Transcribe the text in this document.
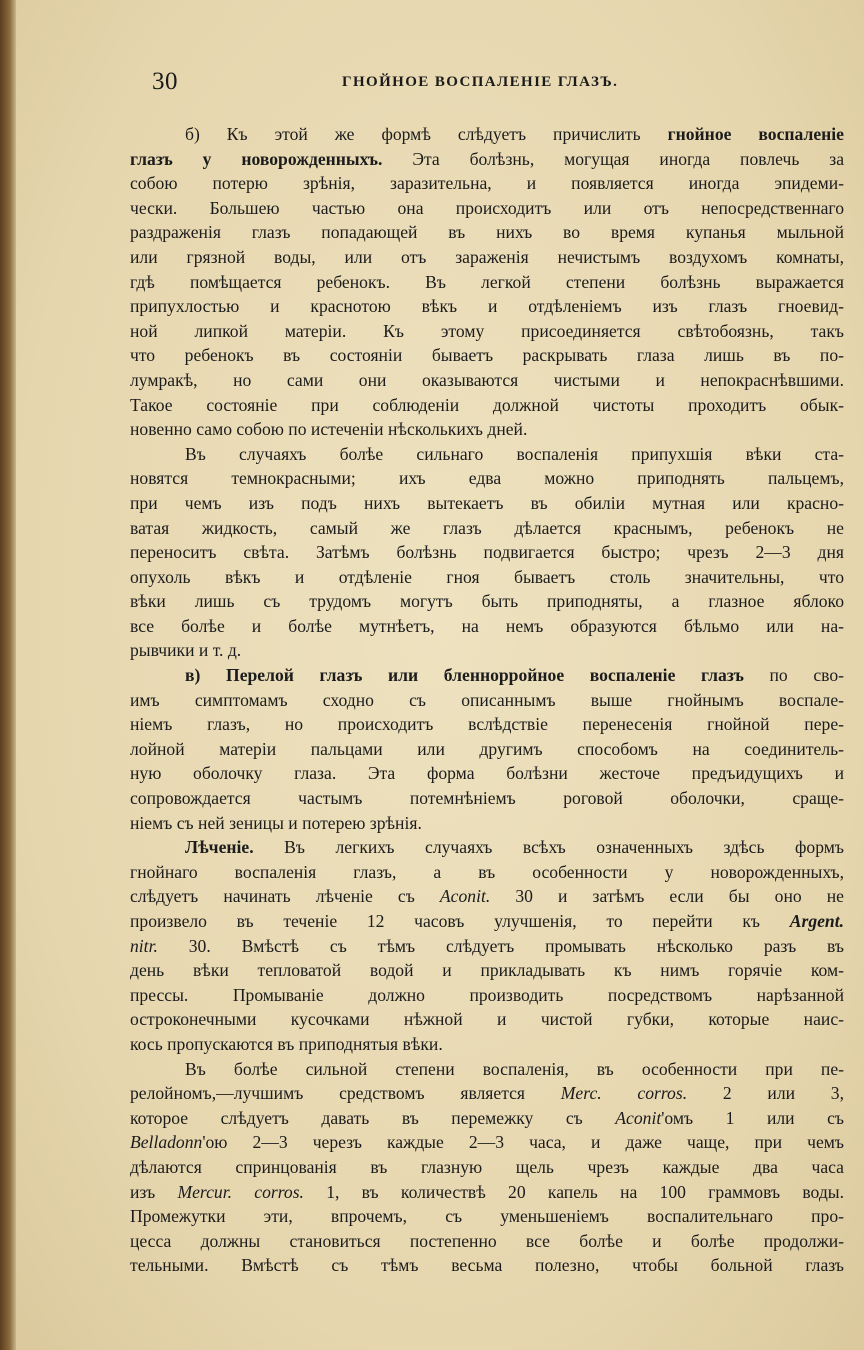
30	ГНОЙНОЕ ВОСПАЛЕНІЕ ГЛАЗЪ.
б) Къ этой же формѣ слѣдуетъ причислить гнойное воспаленіе
глазъ у новорожденныхъ. Эта болѣзнь, могущая иногда повлечь за
собою потерю зрѣнія, заразительна, и появляется иногда эпидеми-
чески. Большею частью она происходитъ или отъ непосредственнаго
раздраженія глазъ попадающей въ нихъ во время купанья мыльной
или грязной воды, или отъ зараженія нечистымъ воздухомъ комнаты,
гдѣ помѣщается ребенокъ. Въ легкой степени болѣзнь выражается
припухлостью и краснотою вѣкъ и отдѣленіемъ изъ глазъ гноевид-
ной липкой матеріи. Къ этому присоединяется свѣтобоязнь, такъ
что ребенокъ въ состояніи бываетъ раскрывать глаза лишь въ по-
лумракѣ, но сами они оказываются чистыми и непокраснѣвшими.
Такое состояніе при соблюденіи должной чистоты проходитъ обык-
новенно само собою по истеченіи нѣсколькихъ дней.
Въ случаяхъ болѣе сильнаго воспаленія припухшія вѣки ста-
новятся темнокрасными; ихъ едва можно приподнять пальцемъ,
при чемъ изъ подъ нихъ вытекаетъ въ обиліи мутная или красно-
ватая жидкость, самый же глазъ дѣлается краснымъ, ребенокъ не
переноситъ свѣта. Затѣмъ болѣзнь подвигается быстро; чрезъ 2—3 дня
опухоль вѣкъ и отдѣленіе гноя бываетъ столь значительны, что
вѣки лишь съ трудомъ могутъ быть приподняты, а глазное яблоко
все болѣе и болѣе мутнѣетъ, на немъ образуются бѣльмо или на-
рывчики и т. д.
в) Перелой глазъ или бленнорройное воспаленіе глазъ по сво-
имъ симптомамъ сходно съ описаннымъ выше гнойнымъ воспале-
ніемъ глазъ, но происходитъ вслѣдствіе перенесенія гнойной пере-
лойной матеріи пальцами или другимъ способомъ на соединитель-
ную оболочку глаза. Эта форма болѣзни жесточе предъидущихъ и
сопровождается частымъ потемнѣніемъ роговой оболочки, сраще-
ніемъ съ ней зеницы и потерею зрѣнія.
Лѣченіе. Въ легкихъ случаяхъ всѣхъ означенныхъ здѣсь формъ
гнойнаго воспаленія глазъ, а въ особенности у новорожденныхъ,
слѣдуетъ начинать лѣченіе съ Aconit. 30 и затѣмъ если бы оно не
произвело въ теченіе 12 часовъ улучшенія, то перейти къ Argent.
nitr. 30. Вмѣстѣ съ тѣмъ слѣдуетъ промывать нѣсколько разъ въ
день вѣки тепловатой водой и прикладывать къ нимъ горячіе ком-
прессы. Промываніе должно производить посредствомъ нарѣзанной
остроконечными кусочками нѣжной и чистой губки, которые наис-
кось пропускаются въ приподнятыя вѣки.
Въ болѣе сильной степени воспаленія, въ особенности при пе-
релойномъ,—лучшимъ средствомъ является Merc. corros. 2 или 3,
которое слѣдуетъ давать въ перемежку съ Aconit'омъ 1 или съ
Belladonn'ою 2—3 черезъ каждые 2—3 часа, и даже чаще, при чемъ
дѣлаются спринцованія въ глазную щель чрезъ каждые два часа
изъ Mercur. corros. 1, въ количествѣ 20 капель на 100 граммовъ воды.
Промежутки эти, впрочемъ, съ уменьшеніемъ воспалительнаго про-
цесса должны становиться постепенно все болѣе и болѣе продолжи-
тельными. Вмѣстѣ съ тѣмъ весьма полезно, чтобы больной глазъ
